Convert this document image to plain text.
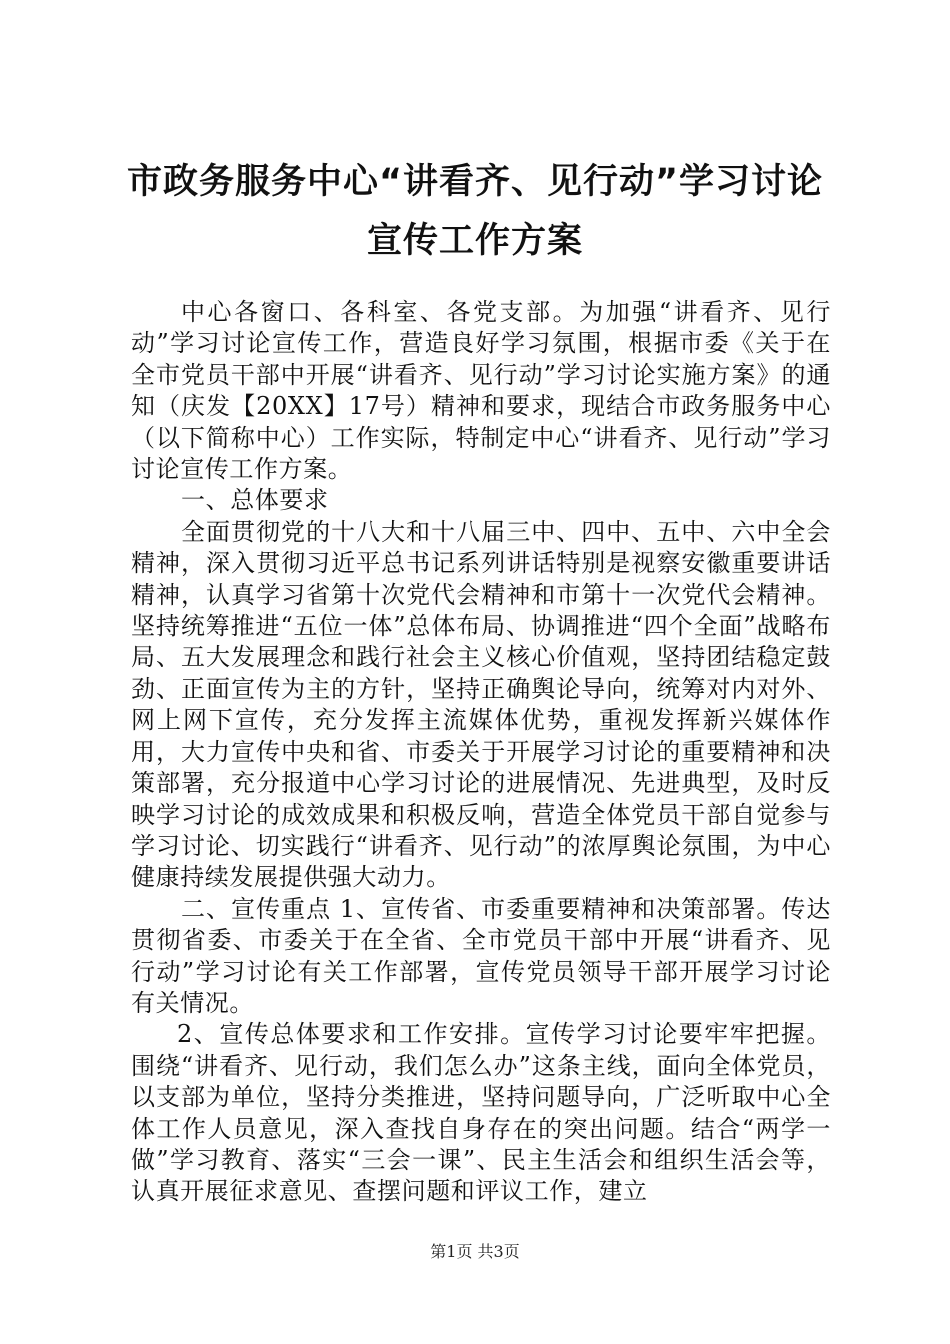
市政务服务中心“讲看齐、见行动”学习讨论
宣传工作方案

中心各窗口、各科室、各党支部。为加强“讲看齐、见行动”学习讨论宣传工作，营造良好学习氛围，根据市委《关于在全市党员干部中开展“讲看齐、见行动”学习讨论实施方案》的通知（庆发【20XX】17号）精神和要求，现结合市政务服务中心（以下简称中心）工作实际，特制定中心“讲看齐、见行动”学习讨论宣传工作方案。

一、总体要求

全面贯彻党的十八大和十八届三中、四中、五中、六中全会精神，深入贯彻习近平总书记系列讲话特别是视察安徽重要讲话精神，认真学习省第十次党代会精神和市第十一次党代会精神。坚持统筹推进“五位一体”总体布局、协调推进“四个全面”战略布局、五大发展理念和践行社会主义核心价值观，坚持团结稳定鼓劲、正面宣传为主的方针，坚持正确舆论导向，统筹对内对外、网上网下宣传，充分发挥主流媒体优势，重视发挥新兴媒体作用，大力宣传中央和省、市委关于开展学习讨论的重要精神和决策部署，充分报道中心学习讨论的进展情况、先进典型，及时反映学习讨论的成效成果和积极反响，营造全体党员干部自觉参与学习讨论、切实践行“讲看齐、见行动”的浓厚舆论氛围，为中心健康持续发展提供强大动力。

二、宣传重点 1、宣传省、市委重要精神和决策部署。传达贯彻省委、市委关于在全省、全市党员干部中开展“讲看齐、见行动”学习讨论有关工作部署，宣传党员领导干部开展学习讨论有关情况。

2、宣传总体要求和工作安排。宣传学习讨论要牢牢把握。围绕“讲看齐、见行动，我们怎么办”这条主线，面向全体党员，以支部为单位，坚持分类推进，坚持问题导向，广泛听取中心全体工作人员意见，深入查找自身存在的突出问题。结合“两学一做”学习教育、落实“三会一课”、民主生活会和组织生活会等，认真开展征求意见、查摆问题和评议工作，建立

第1页 共3页
